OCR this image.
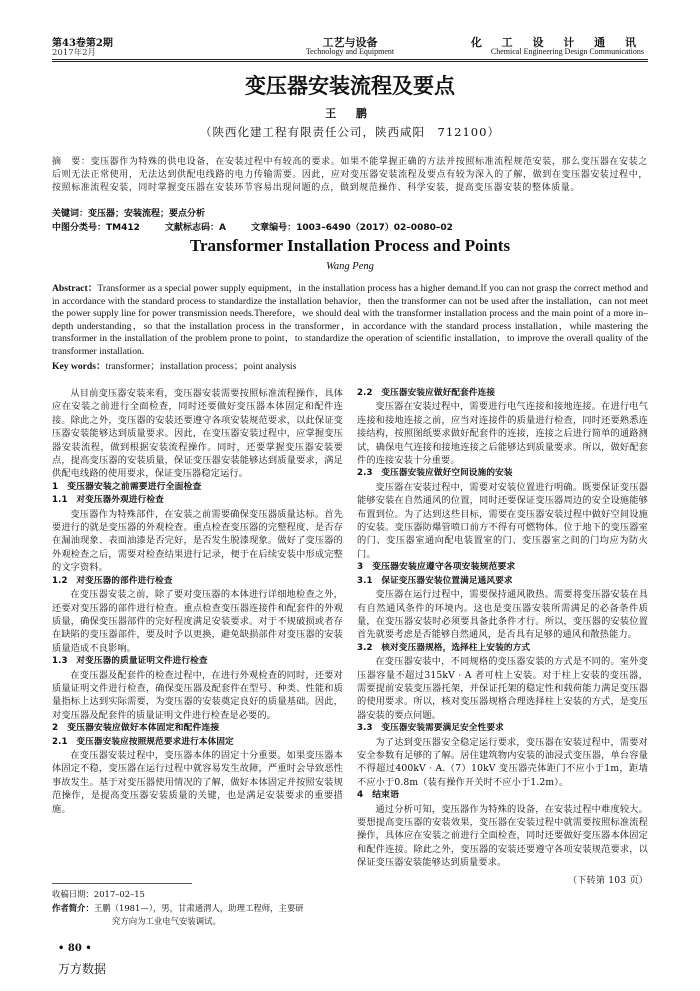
第43卷第2期
2017年2月
工艺与设备
Technology and Equipment
化 工 设 计 通 讯
Chemical Engineering Design Communications
变压器安装流程及要点
王 鹏
（陕西化建工程有限责任公司，陕西咸阳　712100）
摘　要：变压器作为特殊的供电设备，在安装过程中有较高的要求。如果不能掌握正确的方法并按照标准流程规范安装，那么变压器在安装之后则无法正常使用，无法达到供配电线路的电力传输需要。因此，应对变压器安装流程及要点有较为深入的了解，做到在变压器安装过程中，按照标准流程安装，同时掌握变压器在安装环节容易出现问题的点，做到规范操作、科学安装，提高变压器安装的整体质量。
关键词：变压器；安装流程；要点分析
中图分类号：TM412	文献标志码：A	文章编号：1003–6490（2017）02–0080–02
Transformer Installation Process and Points
Wang Peng
Abstract：Transformer as a special power supply equipment，in the installation process has a higher demand.If you can not grasp the correct method and in accordance with the standard process to standardize the installation behavior，then the transformer can not be used after the installation，can not meet the power supply line for power transmission needs.Therefore，we should deal with the transformer installation process and the main point of a more in–depth understanding，so that the installation process in the transformer，in accordance with the standard process installation，while mastering the transformer in the installation of the problem prone to point，to standardize the operation of scientific installation，to improve the overall quality of the transformer installation.
Key words：transformer；installation process；point analysis

从目前变压器安装来看，变压器安装需要按照标准流程操作，具体应在安装之前进行全面检查，同时还要做好变压器本体固定和配件连接。除此之外，变压器的安装还要遵守各项安装规范要求，以此保证变压器安装能够达到质量要求。因此，在变压器安装过程中，应掌握变压器安装流程，做到根据安装流程操作。同时，还要掌握变压器安装要点，提高变压器的安装质量，保证变压器安装能够达到质量要求，满足供配电线路的使用要求，保证变压器稳定运行。

1　变压器安装之前需要进行全面检查

1.1　对变压器外观进行检查

变压器作为特殊部件，在安装之前需要确保变压器质量达标。首先要进行的就是变压器的外观检查。重点检查变压器的完整程度、是否存在漏油现象、表面油漆是否完好，是否发生脱漆现象。做好了变压器的外观检查之后，需要对检查结果进行记录，便于在后续安装中形成完整的文字资料。

1.2　对变压器的部件进行检查

在变压器安装之前，除了要对变压器的本体进行详细地检查之外，还要对变压器的部件进行检查。重点检查变压器连接件和配套件的外观质量，确保变压器部件的完好程度满足安装要求。对于不规破损或者存在缺陷的变压器部件，要及时予以更换，避免缺损部件对变压器的安装质量造成不良影响。

1.3　对变压器的质量证明文件进行检查

在变压器及配套件的检查过程中，在进行外观检查的同时，还要对质量证明文件进行检查，确保变压器及配套件在型号、种类、性能和质量指标上达到实际需要，为变压器的安装奠定良好的质量基础。因此，对变压器及配套件的质量证明文件进行检查是必要的。

2　变压器安装应做好本体固定和配件连接

2.1　变压器安装应按照规范要求进行本体固定

在变压器安装过程中，变压器本体的固定十分重要。如果变压器本体固定不稳，变压器在运行过程中就容易发生故障，严重时会导致恶性事故发生。基于对变压器使用情况的了解，做好本体固定并按照安装规范操作，是提高变压器安装质量的关键，也是满足安装要求的重要措施。

2.2　变压器安装应做好配套件连接

变压器在安装过程中，需要进行电气连接和接地连接。在进行电气连接和接地连接之前，应当对连接件的质量进行检查，同时还要熟悉连接结构，按照图纸要求做好配套件的连接，连接之后进行简单的通路测试，确保电气连接和接地连接之后能够达到质量要求。所以，做好配套件的连接安装十分重要。

2.3　变压器安装应做好空间设施的安装

变压器在安装过程中，需要对安装位置进行明确。既要保证变压器能够安装在自然通风的位置，同时还要保证变压器周边的安全设施能够布置到位。为了达到这些目标，需要在变压器安装过程中做好空间设施的安装。变压器防爆管喷口前方不得有可燃物体。位于地下的变压器室的门、变压器室通向配电装置室的门、变压器室之间的门均应为防火门。

3　变压器安装应遵守各项安装规范要求

3.1　保证变压器安装位置满足通风要求

变压器在运行过程中，需要保持通风散热。需要将变压器安装在具有自然通风条件的环境内。这也是变压器安装所需满足的必备条件质量，在变压器安装时必须要具备此条件才行。所以，变压器的安装位置首先就要考虑是否能够自然通风，是否具有足够的通风和散热能力。

3.2　核对变压器规格，选择柱上安装的方式

在变压器安装中，不同规格的变压器安装的方式是不同的。室外变压器容量不超过315kV · A 者可柱上安装。对于柱上安装的变压器，需要提前安装变压器托架，并保证托架的稳定性和载荷能力满足变压器的使用要求。所以，核对变压器规格合理选择柱上安装的方式，是变压器安装的要点问题。

3.3　变压器安装需要满足安全性要求

为了达到变压器安全稳定运行要求，变压器在安装过程中，需要对安全参数有足够的了解。居住建筑物内安装的油浸式变压器，单台容量不得超过400kV · A.（7）10kV 变压器壳体距门不应小于1m，距墙不应小于0.8m（装有操作开关时不应小于1.2m）。

4　结束语

通过分析可知，变压器作为特殊的设备，在安装过程中难度较大。要想提高变压器的安装效果，变压器在安装过程中就需要按照标准流程操作，具体应在安装之前进行全面检查，同时还要做好变压器本体固定和配件连接。除此之外，变压器的安装还要遵守各项安装规范要求，以保证变压器安装能够达到质量要求。

（下转第 103 页）

收稿日期：2017–02–15
作者简介：王鹏（1981—），男，甘肃通渭人，助理工程师，主要研
究方向为工业电气安装调试。
• 80 •
万方数据
